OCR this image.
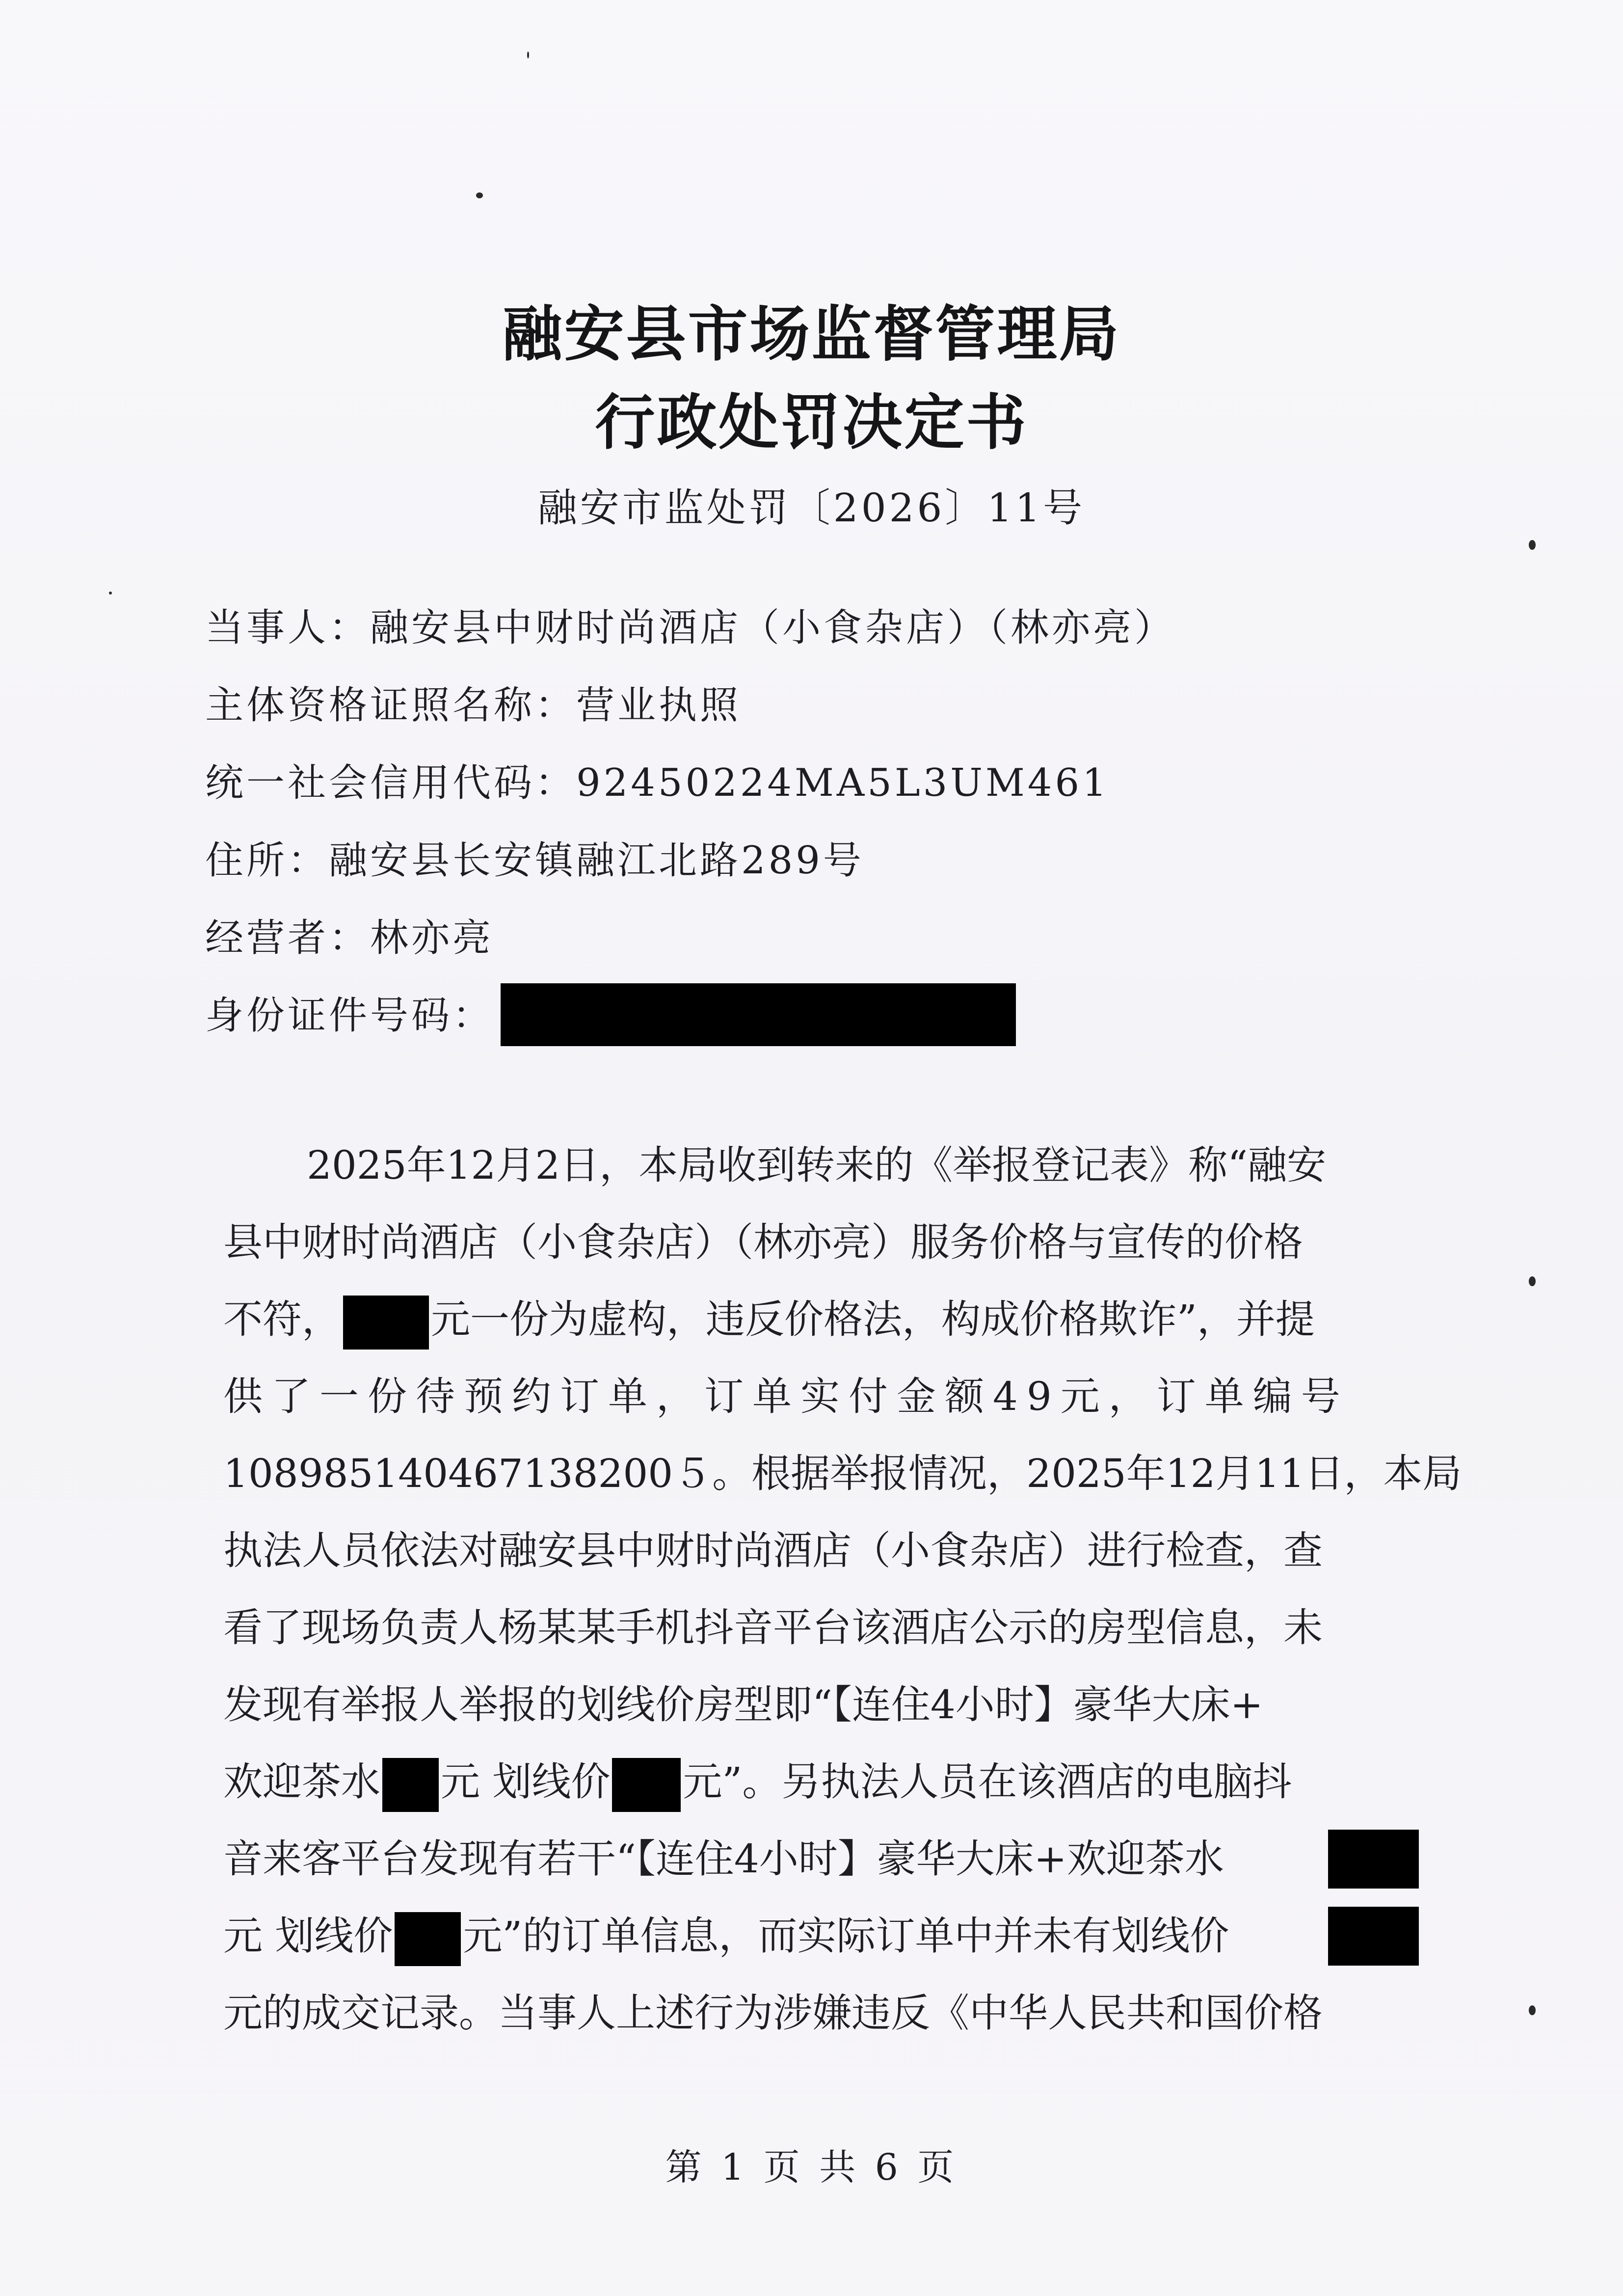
融安县市场监督管理局
行政处罚决定书
融安市监处罚〔2026〕11号
当事人：融安县中财时尚酒店（小食杂店）（林亦亮）
主体资格证照名称：营业执照
统一社会信用代码：92450224MA5L3UM461
住所：融安县长安镇融江北路289号
经营者：林亦亮
身份证件号码：
2025年12月2日，本局收到转来的《举报登记表》称“融安
县中财时尚酒店（小食杂店）（林亦亮）服务价格与宣传的价格
不符， 元一份为虚构，违反价格法，构成价格欺诈”，并提
供了一份待预约订单，订单实付金额49元，订单编号
108985140467138200５。根据举报情况，2025年12月11日，本局
执法人员依法对融安县中财时尚酒店（小食杂店）进行检查，查
看了现场负责人杨某某手机抖音平台该酒店公示的房型信息，未
发现有举报人举报的划线价房型即“【连住4小时】豪华大床+
欢迎茶水 元 划线价 元”。另执法人员在该酒店的电脑抖
音来客平台发现有若干“【连住4小时】豪华大床+欢迎茶水
元 划线价 元”的订单信息，而实际订单中并未有划线价
元的成交记录。当事人上述行为涉嫌违反《中华人民共和国价格
第 1 页 共 6 页
